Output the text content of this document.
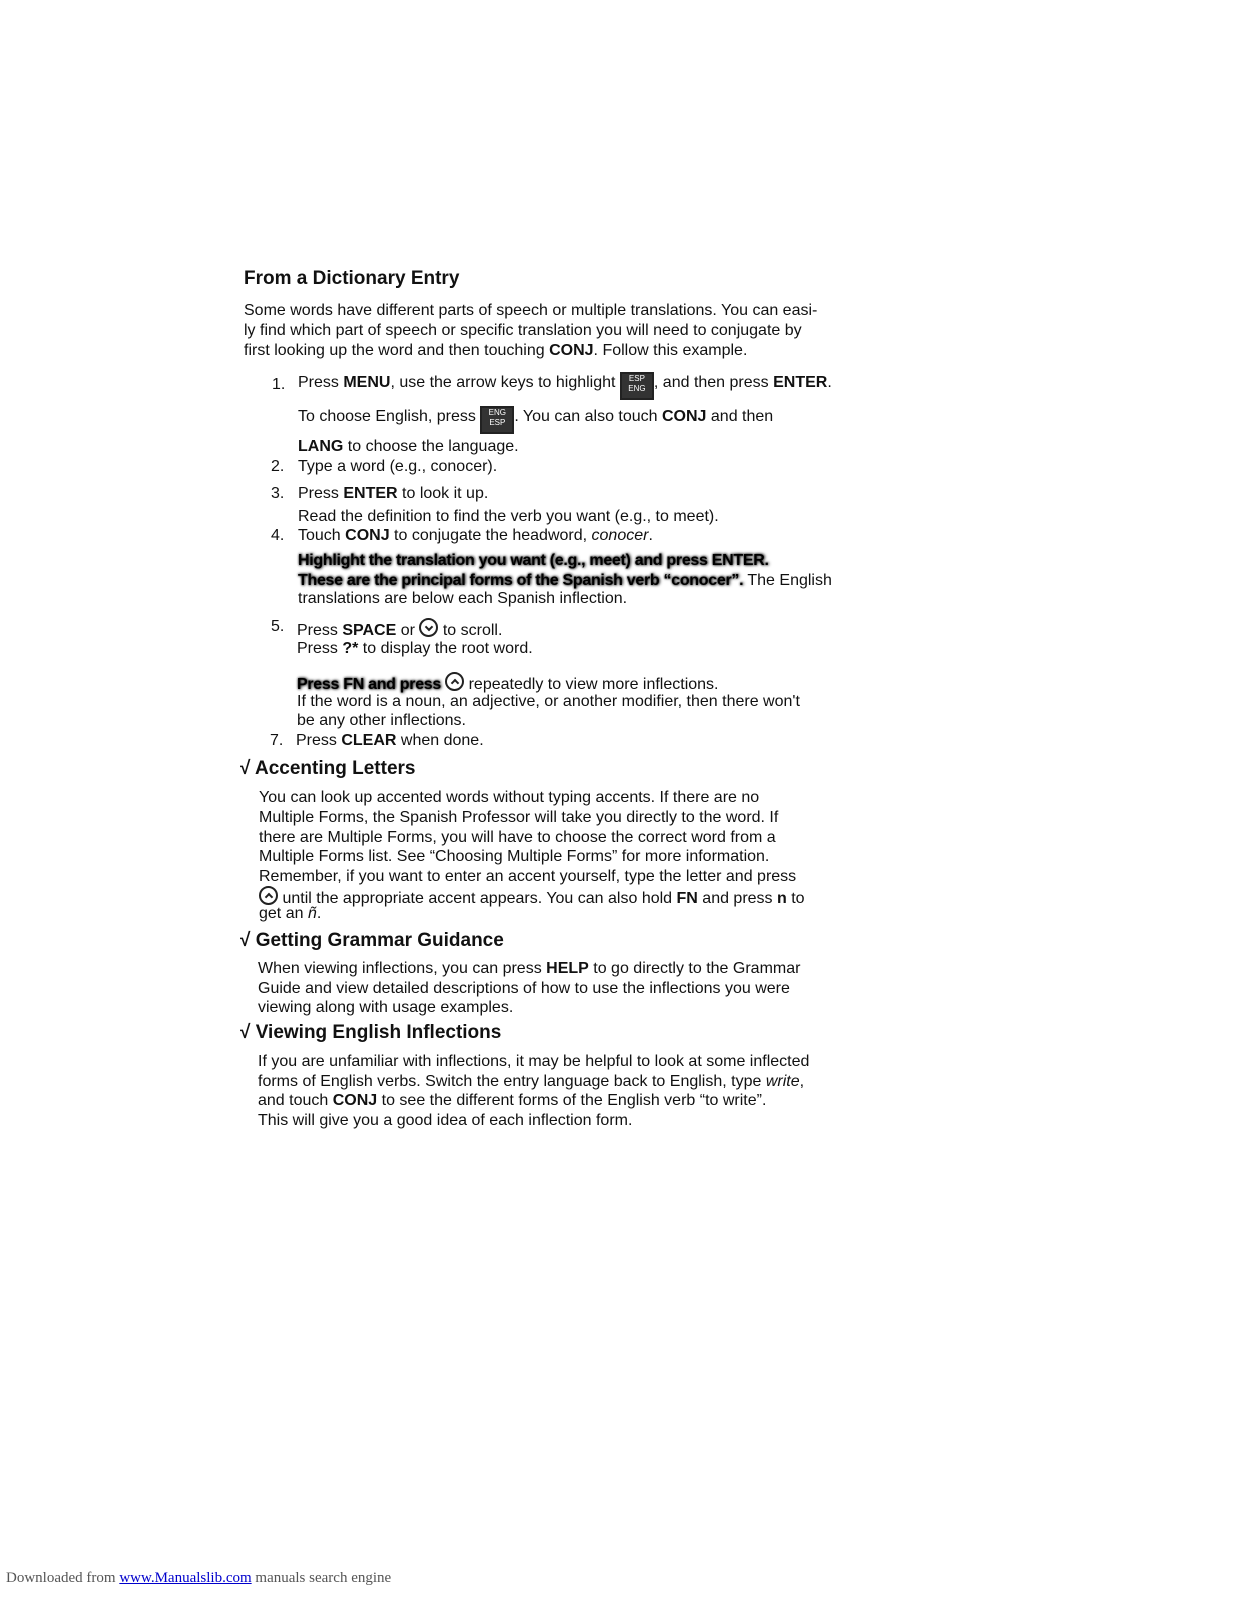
From a Dictionary Entry
Some words have different parts of speech or multiple translations. You can easi-
ly find which part of speech or specific translation you will need to conjugate by
first looking up the word and then touching CONJ. Follow this example.
1. Press MENU, use the arrow keys to highlight	ESP
ENG , and then press ENTER.
To choose English, press	ENG
ESP . You can also touch CONJ and then
LANG to choose the language.
2. Type a word (e.g., conocer).
3. Press ENTER to look it up.
Read the definition to find the verb you want (e.g., to meet).
4. Touch CONJ to conjugate the headword, conocer.
Highlight the translation you want (e.g., meet) and press ENTER.
These are the principal forms of the Spanish verb “conocer”. The English
translations are below each Spanish inflection.
5. Press SPACE or  to scroll.
Press ?* to display the root word.
Press FN and press  repeatedly to view more inflections.
If the word is a noun, an adjective, or another modifier, then there won't
be any other inflections.
7. Press CLEAR when done.
√ Accenting Letters
You can look up accented words without typing accents. If there are no
Multiple Forms, the Spanish Professor will take you directly to the word. If
there are Multiple Forms, you will have to choose the correct word from a
Multiple Forms list. See “Choosing Multiple Forms” for more information.
Remember, if you want to enter an accent yourself, type the letter and press
until the appropriate accent appears. You can also hold FN and press n to
get an ñ.
√ Getting Grammar Guidance
When viewing inflections, you can press HELP to go directly to the Grammar
Guide and view detailed descriptions of how to use the inflections you were
viewing along with usage examples.
√ Viewing English Inflections
If you are unfamiliar with inflections, it may be helpful to look at some inflected
forms of English verbs. Switch the entry language back to English, type write,
and touch CONJ to see the different forms of the English verb “to write”.
This will give you a good idea of each inflection form.
Downloaded from www.Manualslib.com manuals search engine
